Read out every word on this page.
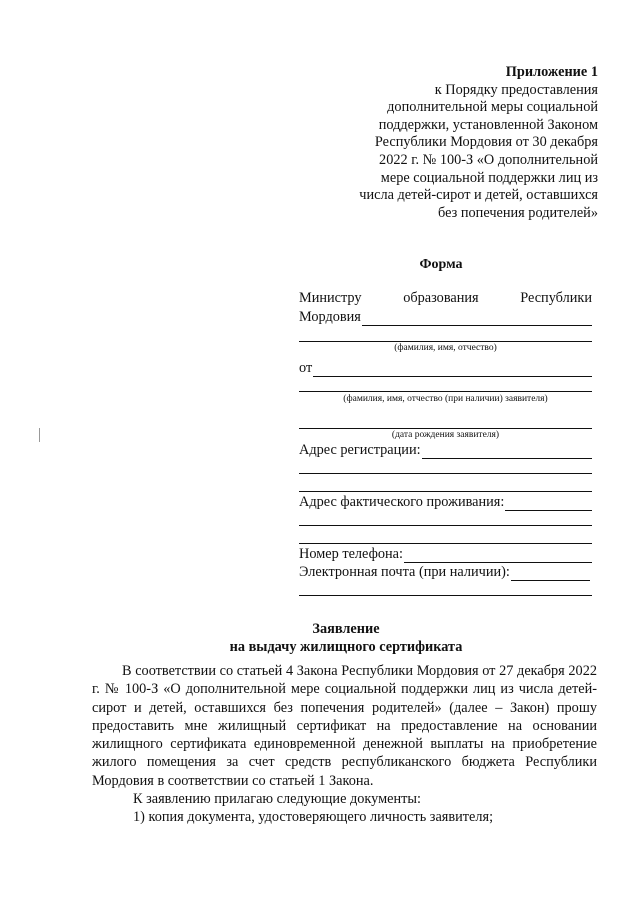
Приложение 1
к Порядку предоставления
дополнительной меры социальной
поддержки, установленной Законом
Республики Мордовия от 30 декабря
2022 г. № 100-З «О дополнительной
мере социальной поддержки лиц из
числа детей-сирот и детей, оставшихся
без попечения родителей»
Форма
Министру	образования	Республики
Мордовия
(фамилия, имя, отчество)
от
(фамилия, имя, отчество (при наличии) заявителя)
(дата рождения заявителя)
Адрес регистрации:
Адрес фактического проживания:
Номер телефона:
Электронная почта (при наличии):
Заявление
на выдачу жилищного сертификата

В соответствии со статьей 4 Закона Республики Мордовия от 27 декабря 2022 г. № 100-З «О дополнительной мере социальной поддержки лиц из числа детей-сирот и детей, оставшихся без попечения родителей» (далее – Закон) прошу предоставить мне жилищный сертификат на предоставление на основании жилищного сертификата единовременной денежной выплаты на приобретение жилого помещения за счет средств республиканского бюджета Республики Мордовия в соответствии со статьей 1 Закона.

К заявлению прилагаю следующие документы:

1) копия документа, удостоверяющего личность заявителя;
